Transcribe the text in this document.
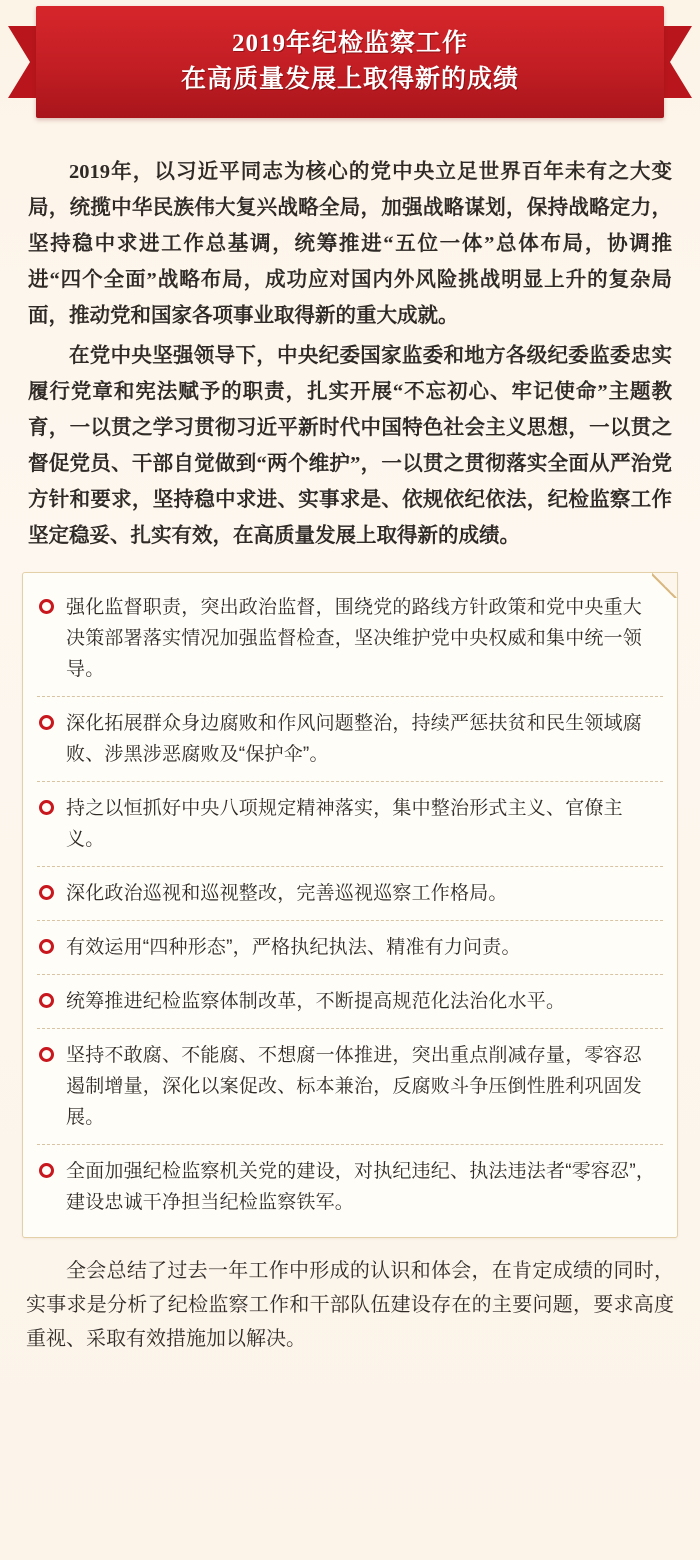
2019年纪检监察工作
在高质量发展上取得新的成绩

2019年，以习近平同志为核心的党中央立足世界百年未有之大变局，统揽中华民族伟大复兴战略全局，加强战略谋划，保持战略定力，坚持稳中求进工作总基调，统筹推进“五位一体”总体布局，协调推进“四个全面”战略布局，成功应对国内外风险挑战明显上升的复杂局面，推动党和国家各项事业取得新的重大成就。

在党中央坚强领导下，中央纪委国家监委和地方各级纪委监委忠实履行党章和宪法赋予的职责，扎实开展“不忘初心、牢记使命”主题教育，一以贯之学习贯彻习近平新时代中国特色社会主义思想，一以贯之督促党员、干部自觉做到“两个维护”，一以贯之贯彻落实全面从严治党方针和要求，坚持稳中求进、实事求是、依规依纪依法，纪检监察工作坚定稳妥、扎实有效，在高质量发展上取得新的成绩。

强化监督职责，突出政治监督，围绕党的路线方针政策和党中央重大决策部署落实情况加强监督检查，坚决维护党中央权威和集中统一领导。
深化拓展群众身边腐败和作风问题整治，持续严惩扶贫和民生领域腐败、涉黑涉恶腐败及“保护伞”。
持之以恒抓好中央八项规定精神落实，集中整治形式主义、官僚主义。
深化政治巡视和巡视整改，完善巡视巡察工作格局。
有效运用“四种形态”，严格执纪执法、精准有力问责。
统筹推进纪检监察体制改革，不断提高规范化法治化水平。
坚持不敢腐、不能腐、不想腐一体推进，突出重点削减存量，零容忍遏制增量，深化以案促改、标本兼治，反腐败斗争压倒性胜利巩固发展。
全面加强纪检监察机关党的建设，对执纪违纪、执法违法者“零容忍”，建设忠诚干净担当纪检监察铁军。

全会总结了过去一年工作中形成的认识和体会，在肯定成绩的同时，实事求是分析了纪检监察工作和干部队伍建设存在的主要问题，要求高度重视、采取有效措施加以解决。
